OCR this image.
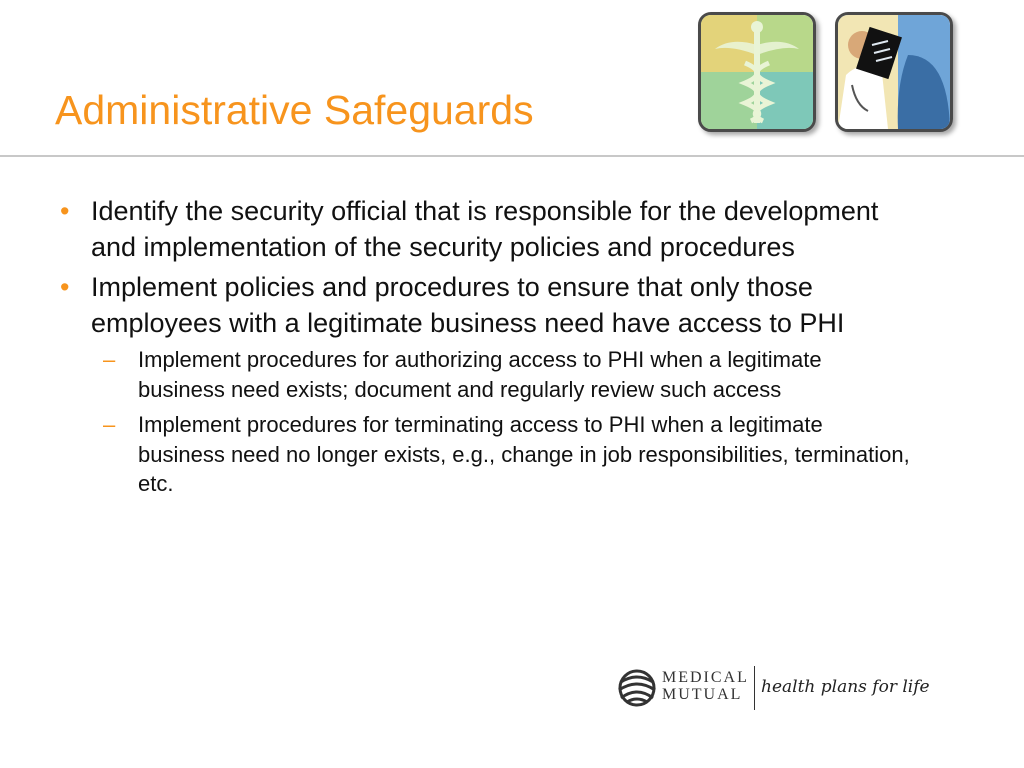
Administrative Safeguards
• Identify the security official that is responsible for the development and implementation of the security policies and procedures
• Implement policies and procedures to ensure that only those employees with a legitimate business need have access to PHI
– Implement procedures for authorizing access to PHI when a legitimate business need exists; document and regularly review such access
– Implement procedures for terminating access to PHI when a legitimate business need no longer exists, e.g., change in job responsibilities, termination, etc.
MEDICAL
MUTUAL health plans for life
